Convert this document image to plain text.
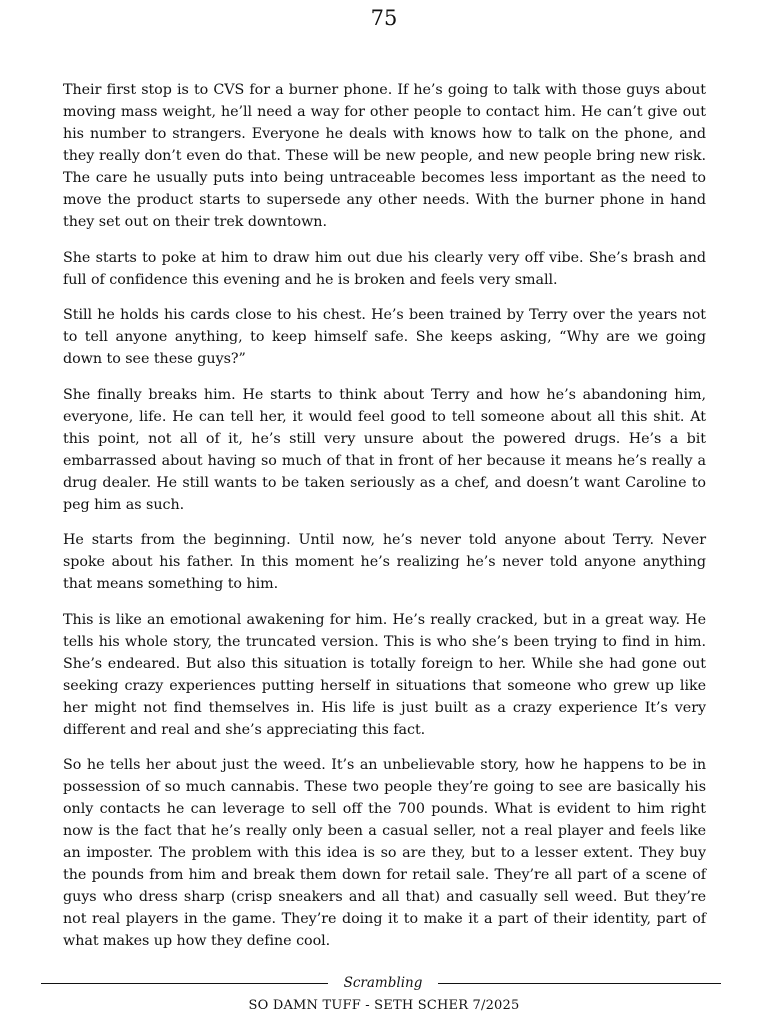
75

Their first stop is to CVS for a burner phone. If he’s going to talk with those guys about moving mass weight, he’ll need a way for other people to contact him. He can’t give out his number to strangers. Everyone he deals with knows how to talk on the phone, and they really don’t even do that. These will be new people, and new people bring new risk. The care he usually puts into being untraceable becomes less important as the need to move the product starts to supersede any other needs. With the burner phone in hand they set out on their trek downtown.

She starts to poke at him to draw him out due his clearly very off vibe. She’s brash and full of confidence this evening and he is broken and feels very small.

Still he holds his cards close to his chest. He’s been trained by Terry over the years not to tell anyone anything, to keep himself safe. She keeps asking, “Why are we going down to see these guys?”

She finally breaks him. He starts to think about Terry and how he’s abandoning him, everyone, life. He can tell her, it would feel good to tell someone about all this shit. At this point, not all of it, he’s still very unsure about the powered drugs. He’s a bit embarrassed about having so much of that in front of her because it means he’s really a drug dealer. He still wants to be taken seriously as a chef, and doesn’t want Caroline to peg him as such.

He starts from the beginning. Until now, he’s never told anyone about Terry. Never spoke about his father. In this moment he’s realizing he’s never told anyone anything that means something to him.

This is like an emotional awakening for him. He’s really cracked, but in a great way. He tells his whole story, the truncated version. This is who she’s been trying to find in him. She’s endeared. But also this situation is totally foreign to her. While she had gone out seeking crazy experiences putting herself in situations that someone who grew up like her might not find themselves in. His life is just built as a crazy experience It’s very different and real and she’s appreciating this fact.

So he tells her about just the weed. It’s an unbelievable story, how he happens to be in possession of so much cannabis. These two people they’re going to see are basically his only contacts he can leverage to sell off the 700 pounds. What is evident to him right now is the fact that he’s really only been a casual seller, not a real player and feels like an imposter. The problem with this idea is so are they, but to a lesser extent. They buy the pounds from him and break them down for retail sale. They’re all part of a scene of guys who dress sharp (crisp sneakers and all that) and casually sell weed. But they’re not real players in the game. They’re doing it to make it a part of their identity, part of what makes up how they define cool.

Scrambling
SO DAMN TUFF - SETH SCHER 7/2025
